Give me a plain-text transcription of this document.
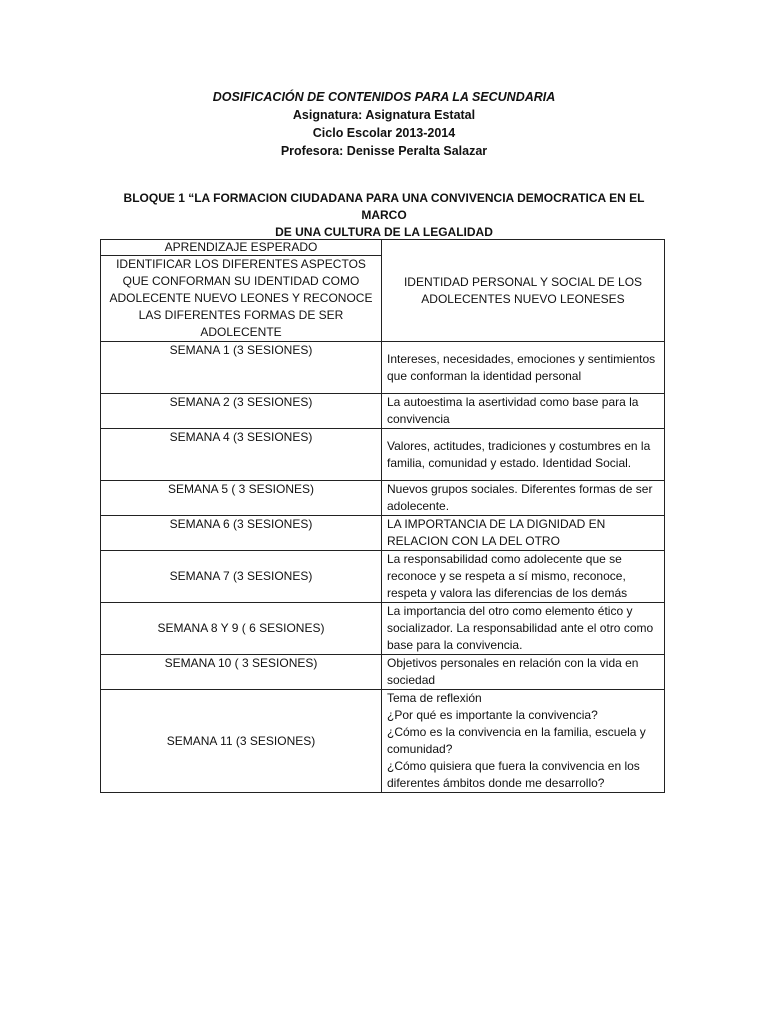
DOSIFICACIÓN DE CONTENIDOS PARA LA SECUNDARIA
Asignatura: Asignatura Estatal
Ciclo Escolar 2013-2014
Profesora: Denisse Peralta Salazar
BLOQUE 1 “LA FORMACION CIUDADANA PARA UNA CONVIVENCIA DEMOCRATICA EN EL MARCO
DE UNA CULTURA DE LA LEGALIDAD
APRENDIZAJE ESPERADO	IDENTIDAD PERSONAL Y SOCIAL DE LOS ADOLECENTES NUEVO LEONESES
IDENTIFICAR LOS DIFERENTES ASPECTOS QUE CONFORMAN SU IDENTIDAD COMO ADOLECENTE NUEVO LEONES Y RECONOCE LAS DIFERENTES FORMAS DE SER ADOLECENTE	
SEMANA 1 (3 SESIONES)	Intereses, necesidades, emociones y sentimientos que conforman la identidad personal
SEMANA 2 (3 SESIONES)	La autoestima la asertividad como base para la convivencia
SEMANA 4 (3 SESIONES)	Valores, actitudes, tradiciones y costumbres en la familia, comunidad y estado. Identidad Social.
SEMANA 5 ( 3 SESIONES)	Nuevos grupos sociales. Diferentes formas de ser adolecente.
SEMANA 6 (3 SESIONES)	LA IMPORTANCIA DE LA DIGNIDAD EN RELACION CON LA DEL OTRO
SEMANA 7 (3 SESIONES)	La responsabilidad como adolecente que se reconoce y se respeta a sí mismo, reconoce, respeta y valora las diferencias de los demás
SEMANA 8 Y 9 ( 6 SESIONES)	La importancia del otro como elemento ético y socializador. La responsabilidad ante el otro como base para la convivencia.
SEMANA 10 ( 3 SESIONES)	Objetivos personales en relación con la vida en sociedad
SEMANA 11 (3 SESIONES)	Tema de reflexión
¿Por qué es importante la convivencia?
¿Cómo es la convivencia en la familia, escuela y comunidad?
¿Cómo quisiera que fuera la convivencia en los diferentes ámbitos donde me desarrollo?
